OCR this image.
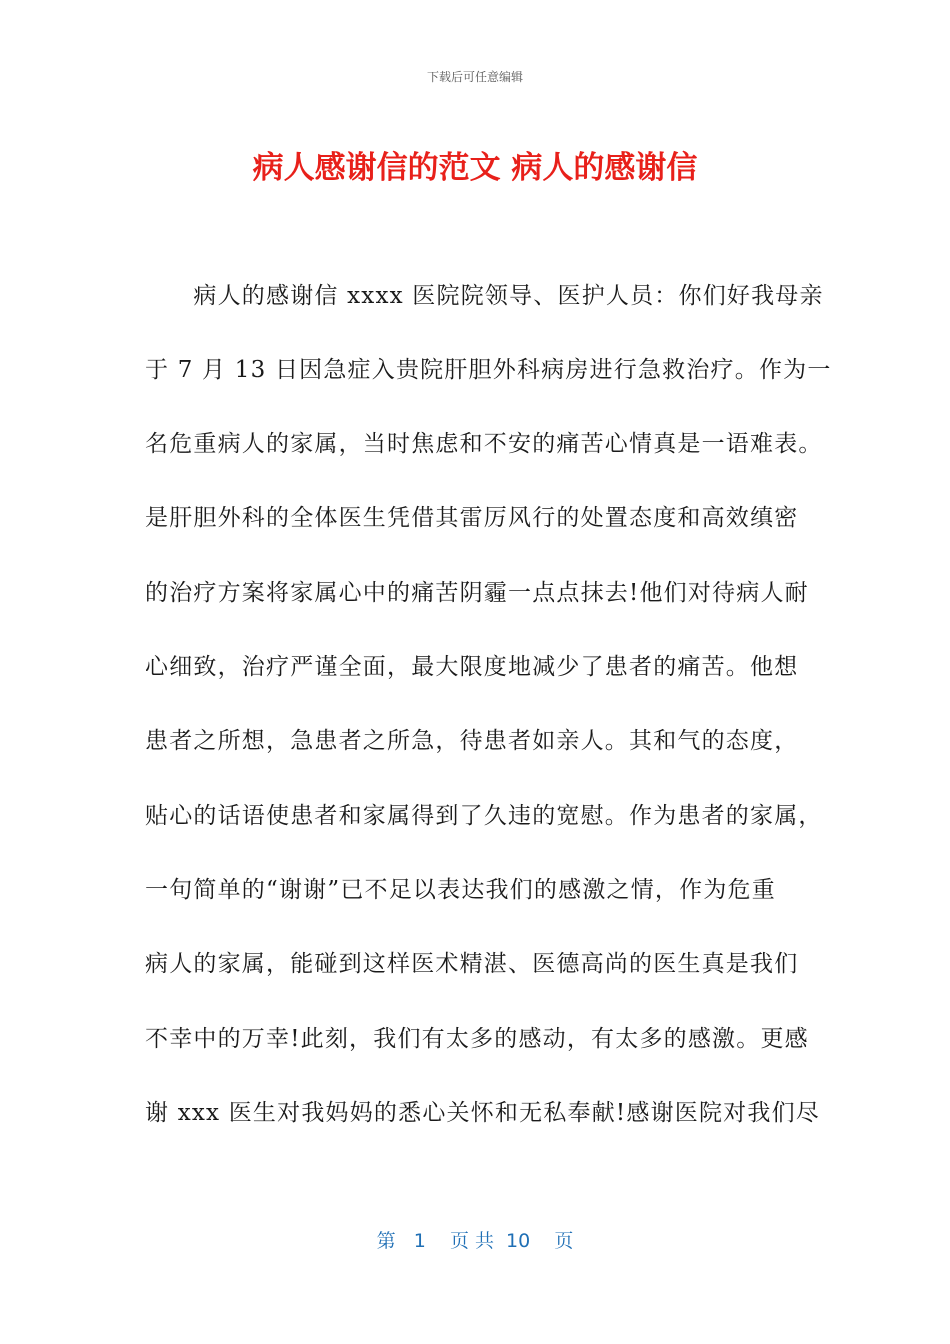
下载后可任意编辑
病人感谢信的范文 病人的感谢信
　　病人的感谢信 xxxx 医院院领导、医护人员：你们好我母亲
于 7 月 13 日因急症入贵院肝胆外科病房进行急救治疗。作为一
名危重病人的家属，当时焦虑和不安的痛苦心情真是一语难表。
是肝胆外科的全体医生凭借其雷厉风行的处置态度和高效缜密
的治疗方案将家属心中的痛苦阴霾一点点抹去!他们对待病人耐
心细致，治疗严谨全面，最大限度地减少了患者的痛苦。他想
患者之所想，急患者之所急，待患者如亲人。其和气的态度，
贴心的话语使患者和家属得到了久违的宽慰。作为患者的家属，
一句简单的“谢谢”已不足以表达我们的感激之情，作为危重
病人的家属，能碰到这样医术精湛、医德高尚的医生真是我们
不幸中的万幸!此刻，我们有太多的感动，有太多的感激。更感
谢 xxx 医生对我妈妈的悉心关怀和无私奉献!感谢医院对我们尽
第   1    页 共  10    页
